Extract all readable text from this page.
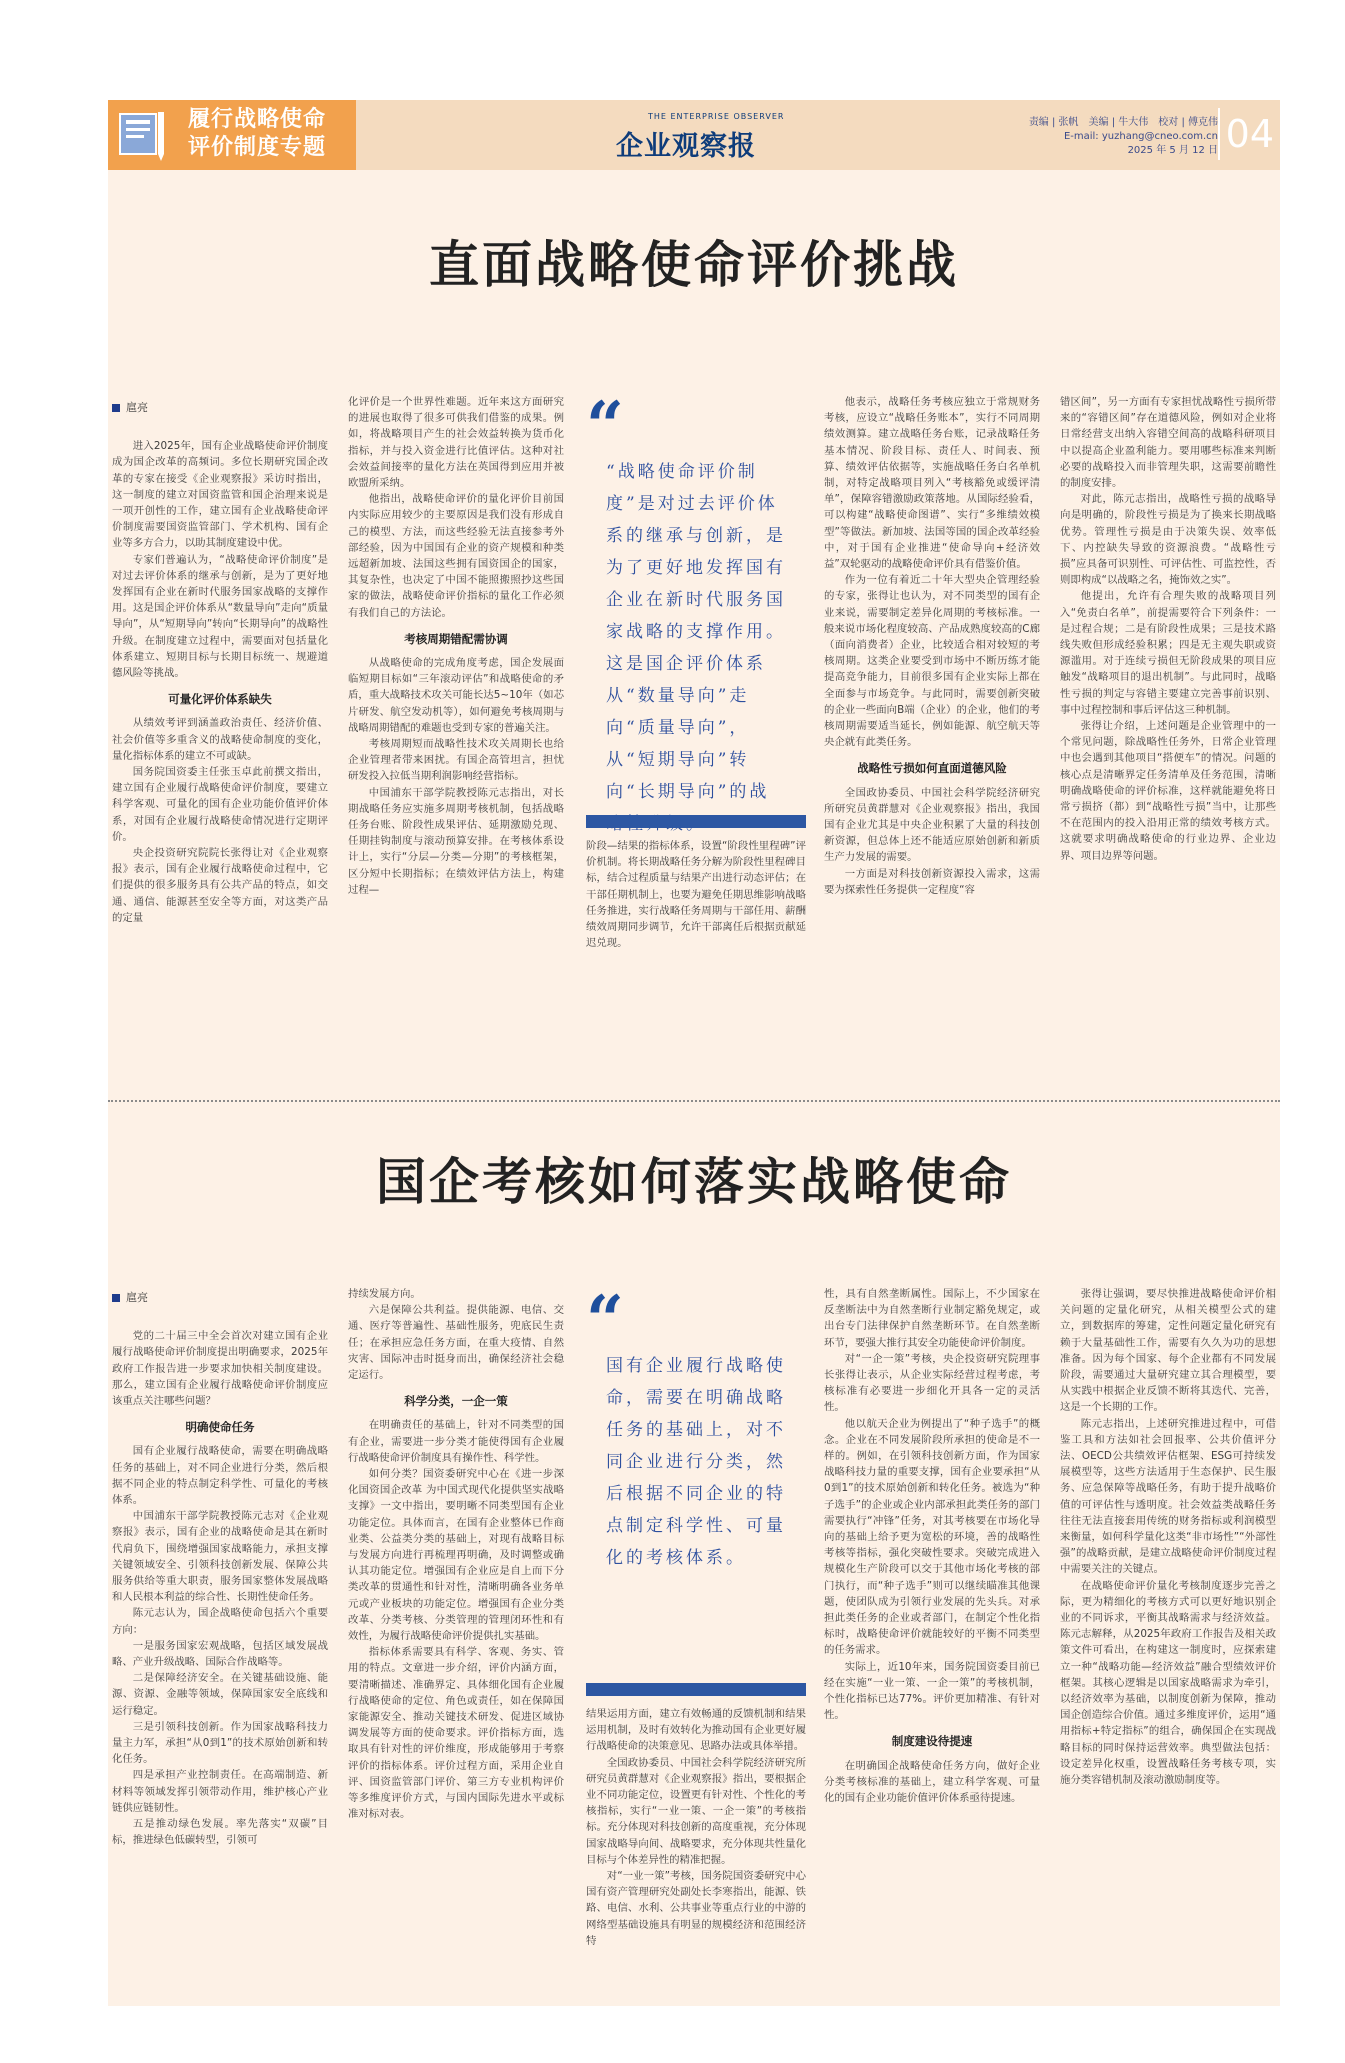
履行战略使命
评价制度专题
THE ENTERPRISE OBSERVER
企业观察报
责编 | 张帆　美编 | 牛大伟　校对 | 傅克伟
E-mail: yuzhang@cneo.com.cn
2025 年 5 月 12 日 04
直面战略使命评价挑战
扈亮

进入2025年，国有企业战略使命评价制度成为国企改革的高频词。多位长期研究国企改革的专家在接受《企业观察报》采访时指出，这一制度的建立对国资监管和国企治理来说是一项开创性的工作，建立国有企业战略使命评价制度需要国资监管部门、学术机构、国有企业等多方合力，以助其制度建设中优。

专家们普遍认为，“战略使命评价制度”是对过去评价体系的继承与创新，是为了更好地发挥国有企业在新时代服务国家战略的支撑作用。这是国企评价体系从“数量导向”走向“质量导向”，从“短期导向”转向“长期导向”的战略性升级。在制度建立过程中，需要面对包括量化体系建立、短期目标与长期目标统一、规避道德风险等挑战。

可量化评价体系缺失

从绩效考评到涵盖政治责任、经济价值、社会价值等多重含义的战略使命制度的变化，量化指标体系的建立不可或缺。

国务院国资委主任张玉卓此前撰文指出，建立国有企业履行战略使命评价制度，要建立科学客观、可量化的国有企业功能价值评价体系，对国有企业履行战略使命情况进行定期评价。

央企投资研究院院长张得让对《企业观察报》表示，国有企业履行战略使命过程中，它们提供的很多服务具有公共产品的特点，如交通、通信、能源甚至安全等方面，对这类产品的定量

化评价是一个世界性难题。近年来这方面研究的进展也取得了很多可供我们借鉴的成果。例如，将战略项目产生的社会效益转换为货币化指标，并与投入资金进行比值评估。这种对社会效益间接率的量化方法在英国得到应用并被欧盟所采纳。

他指出，战略使命评价的量化评价目前国内实际应用较少的主要原因是我们没有形成自己的模型、方法，而这些经验无法直接参考外部经验，因为中国国有企业的资产规模和种类远超新加坡、法国这些拥有国资国企的国家，其复杂性，也决定了中国不能照搬照抄这些国家的做法，战略使命评价指标的量化工作必须有我们自己的方法论。

考核周期错配需协调

从战略使命的完成角度考虑，国企发展面临短期目标如“三年滚动评估”和战略使命的矛盾，重大战略技术攻关可能长达5~10年（如芯片研发、航空发动机等），如何避免考核周期与战略周期错配的难题也受到专家的普遍关注。

考核周期短而战略性技术攻关周期长也给企业管理者带来困扰。有国企高管坦言，担忧研发投入拉低当期利润影响经营指标。

中国浦东干部学院教授陈元志指出，对长期战略任务应实施多周期考核机制，包括战略任务台账、阶段性成果评估、延期激励兑现、任期挂钩制度与滚动预算安排。在考核体系设计上，实行“分层—分类—分期”的考核框架，区分短中长期指标；在绩效评估方法上，构建过程—

“
“战略使命评价制度”是对过去评价体系的继承与创新，是为了更好地发挥国有企业在新时代服务国家战略的支撑作用。这是国企评价体系从“数量导向”走向“质量导向”，从“短期导向”转向“长期导向”的战

阶段—结果的指标体系，设置“阶段性里程碑”评价机制。将长期战略任务分解为阶段性里程碑目标，结合过程质量与结果产出进行动态评估；在干部任期机制上，也要为避免任期思维影响战略任务推进，实行战略任务周期与干部任用、薪酬绩效周期同步调节，允许干部离任后根据贡献延迟兑现。

他表示，战略任务考核应独立于常规财务考核，应设立“战略任务账本”，实行不同周期绩效测算。建立战略任务台账，记录战略任务基本情况、阶段目标、责任人、时间表、预算、绩效评估依据等，实施战略任务白名单机制，对特定战略项目列入“考核豁免或缓评清单”，保障容错激励政策落地。从国际经验看，可以构建“战略使命图谱”、实行“多维绩效模型”等做法。新加坡、法国等国的国企改革经验中，对于国有企业推进“使命导向+经济效益”双轮驱动的战略使命评价具有借鉴价值。

作为一位有着近二十年大型央企管理经验的专家，张得让也认为，对不同类型的国有企业来说，需要制定差异化周期的考核标准。一般来说市场化程度较高、产品成熟度较高的C廊（面向消费者）企业，比较适合相对较短的考核周期。这类企业要受到市场中不断历练才能提高竞争能力，目前很多国有企业实际上都在全面参与市场竞争。与此同时，需要创新突破的企业一些面向B端（企业）的企业，他们的考核周期需要适当延长，例如能源、航空航天等央企就有此类任务。

战略性亏损如何直面道德风险

全国政协委员、中国社会科学院经济研究所研究员黄群慧对《企业观察报》指出，我国国有企业尤其是中央企业积累了大量的科技创新资源，但总体上还不能适应原始创新和新质生产力发展的需要。

一方面是对科技创新资源投入需求，这需要为探索性任务提供一定程度“容

错区间”，另一方面有专家担忧战略性亏损所带来的“容错区间”存在道德风险，例如对企业将日常经营支出纳入容错空间高的战略科研项目中以提高企业盈利能力。要用哪些标准来判断必要的战略投入而非管理失职，这需要前瞻性的制度安排。

对此，陈元志指出，战略性亏损的战略导向是明确的，阶段性亏损是为了换来长期战略优势。管理性亏损是由于决策失误、效率低下、内控缺失导致的资源浪费。“战略性亏损”应具备可识别性、可评估性、可监控性，否则即构成“以战略之名，掩饰效之实”。

他提出，允许有合理失败的战略项目列入“免责白名单”，前提需要符合下列条件：一是过程合规；二是有阶段性成果；三是技术路线失败但形成经验积累；四是无主观失职或资源滥用。对于连续亏损但无阶段成果的项目应触发“战略项目的退出机制”。与此同时，战略性亏损的判定与容错主要建立完善事前识别、事中过程控制和事后评估这三种机制。

张得让介绍，上述问题是企业管理中的一个常见问题，除战略性任务外，日常企业管理中也会遇到其他项目“搭便车”的情况。问题的核心点是清晰界定任务清单及任务范围，清晰明确战略使命的评价标准，这样就能避免将日常亏损挤（都）到“战略性亏损”当中，让那些不在范围内的投入沿用正常的绩效考核方式。这就要求明确战略使命的行业边界、企业边界、项目边界等问题。

国企考核如何落实战略使命
扈亮

党的二十届三中全会首次对建立国有企业履行战略使命评价制度提出明确要求，2025年政府工作报告进一步要求加快相关制度建设。那么，建立国有企业履行战略使命评价制度应该重点关注哪些问题？

明确使命任务

国有企业履行战略使命，需要在明确战略任务的基础上，对不同企业进行分类，然后根据不同企业的特点制定科学性、可量化的考核体系。

中国浦东干部学院教授陈元志对《企业观察报》表示，国有企业的战略使命是其在新时代肩负下，围绕增强国家战略能力，承担支撑关键领域安全、引领科技创新发展、保障公共服务供给等重大职责，服务国家整体发展战略和人民根本利益的综合性、长期性使命任务。

陈元志认为，国企战略使命包括六个重要方向：

一是服务国家宏观战略，包括区域发展战略、产业升级战略、国际合作战略等。

二是保障经济安全。在关键基础设施、能源、资源、金融等领域，保障国家安全底线和运行稳定。

三是引领科技创新。作为国家战略科技力量主力军，承担“从0到1”的技术原始创新和转化任务。

四是承担产业控制责任。在高端制造、新材料等领域发挥引领带动作用，维护核心产业链供应链韧性。

五是推动绿色发展。率先落实“双碳”目标，推进绿色低碳转型，引领可

持续发展方向。

六是保障公共利益。提供能源、电信、交通、医疗等普遍性、基础性服务，兜底民生责任；在承担应急任务方面，在重大疫情、自然灾害、国际冲击时挺身而出，确保经济社会稳定运行。

科学分类，一企一策

在明确责任的基础上，针对不同类型的国有企业，需要进一步分类才能使得国有企业履行战略使命评价制度具有操作性、科学性。

如何分类？国资委研究中心在《进一步深化国资国企改革 为中国式现代化提供坚实战略支撑》一文中指出，要明晰不同类型国有企业功能定位。具体而言，在国有企业整体已作商业类、公益类分类的基础上，对现有战略目标与发展方向进行再梳理再明确，及时调整或确认其功能定位。增强国有企业应是自上而下分类改革的贯通性和针对性，清晰明确各业务单元或产业板块的功能定位。增强国有企业分类改革、分类考核、分类管理的管理闭环性和有效性，为履行战略使命评价提供扎实基础。

指标体系需要具有科学、客观、务实、管用的特点。文章进一步介绍，评价内涵方面，要清晰描述、准确界定、具体细化国有企业履行战略使命的定位、角色或责任，如在保障国家能源安全、推动关键技术研发、促进区域协调发展等方面的使命要求。评价指标方面，选取具有针对性的评价维度，形成能够用于考察评价的指标体系。评价过程方面，采用企业自评、国资监管部门评价、第三方专业机构评价等多维度评价方式，与国内国际先进水平或标准对标对表。

“
国有企业履行战略使命，需要在明确战略任务的基础上，对不同企业进行分类，然后根据不同企业的特点制定科学性、可量化的考核体系。

结果运用方面，建立有效畅通的反馈机制和结果运用机制，及时有效转化为推动国有企业更好履行战略使命的决策意见、思路办法或具体举措。

全国政协委员、中国社会科学院经济研究所研究员黄群慧对《企业观察报》指出，要根据企业不同功能定位，设置更有针对性、个性化的考核指标，实行“一业一策、一企一策”的考核指标。充分体现对科技创新的高度重视，充分体现国家战略导向间、战略要求，充分体现共性量化目标与个体差异性的精准把握。

对“一业一策”考核，国务院国资委研究中心国有资产管理研究处副处长李寒指出，能源、铁路、电信、水利、公共事业等重点行业的中游的网络型基础设施具有明显的规模经济和范围经济特

性，具有自然垄断属性。国际上，不少国家在反垄断法中为自然垄断行业制定豁免规定，或出台专门法律保护自然垄断环节。在自然垄断环节，要强大推行其安全功能使命评价制度。

对“一企一策”考核，央企投资研究院理事长张得让表示，从企业实际经营过程考虑，考核标准有必要进一步细化开具各一定的灵活性。

他以航天企业为例提出了“种子选手”的概念。企业在不同发展阶段所承担的使命是不一样的。例如，在引领科技创新方面，作为国家战略科技力量的重要支撑，国有企业要承担“从0到1”的技术原始创新和转化任务。被选为“种子选手”的企业或企业内部承担此类任务的部门需要执行“冲锋”任务，对其考核要在市场化导向的基础上给予更为宽松的环境，善的战略性考核等指标，强化突破性要求。突破完成进入规模化生产阶段可以交于其他市场化考核的部门执行，而“种子选手”则可以继续瞄准其他课题，使团队成为引领行业发展的先头兵。对承担此类任务的企业或者部门，在制定个性化指标时，战略使命评价就能较好的平衡不同类型的任务需求。

实际上，近10年来，国务院国资委目前已经在实施“一业一策、一企一策”的考核机制，个性化指标已达77%。评价更加精准、有针对性。

制度建设待提速

在明确国企战略使命任务方向，做好企业分类考核标准的基础上，建立科学客观、可量化的国有企业功能价值评价体系亟待提速。

张得让强调，要尽快推进战略使命评价相关问题的定量化研究，从相关模型公式的建立，到数据库的筹建，定性问题定量化研究有赖于大量基础性工作，需要有久久为功的思想准备。因为每个国家、每个企业都有不同发展阶段，需要通过大量研究建立其合理模型，要从实践中根据企业反馈不断将其迭代、完善，这是一个长期的工作。

陈元志指出，上述研究推进过程中，可借鉴工具和方法如社会回报率、公共价值评分法、OECD公共绩效评估框架、ESG可持续发展模型等，这些方法适用于生态保护、民生服务、应急保障等战略任务，有助于提升战略价值的可评估性与透明度。社会效益类战略任务往往无法直接套用传统的财务指标或利润模型来衡量，如何科学量化这类“非市场性”“外部性强”的战略贡献，是建立战略使命评价制度过程中需要关注的关键点。

在战略使命评价量化考核制度逐步完善之际，更为精细化的考核方式可以更好地识别企业的不同诉求，平衡其战略需求与经济效益。陈元志解释，从2025年政府工作报告及相关政策文件可看出，在构建这一制度时，应探索建立一种“战略功能—经济效益”融合型绩效评价框架。其核心逻辑是以国家战略需求为牵引，以经济效率为基础，以制度创新为保障，推动国企创造综合价值。通过多维度评价，运用“通用指标+特定指标”的组合，确保国企在实现战略目标的同时保持运营效率。典型做法包括：设定差异化权重，设置战略任务考核专项，实施分类容错机制及滚动激励制度等。
